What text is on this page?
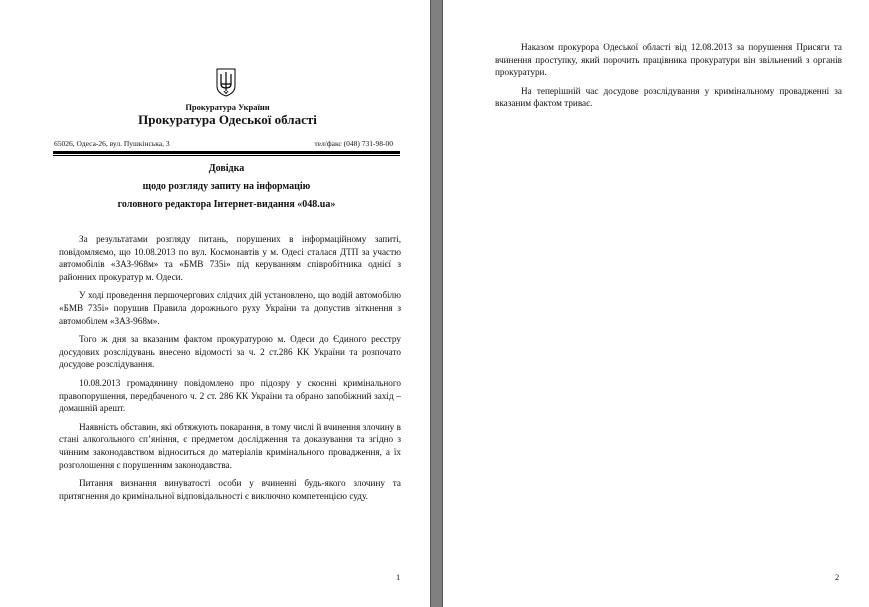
Прокуратура України
Прокуратура Одеської області
65026, Одеса-26, вул. Пушкінська, 3	тел/факс (048) 731-98-00
Довідка
щодо розгляду запиту на інформацію
головного редактора Інтернет-видання «048.ua»

За результатами розгляду питань, порушених в інформаційному запиті, повідомляємо, що 10.08.2013 по вул. Космонавтів у м. Одесі сталася ДТП за участю автомобілів «ЗАЗ-968м» та «БМВ 735і» під керуванням співробітника однієї з районних прокуратур м. Одеси.

У ході проведення першочергових слідчих дій установлено, що водій автомобілю «БМВ 735і» порушив Правила дорожнього руху України та допустив зіткнення з автомобілем «ЗАЗ-968м».

Того ж дня за вказаним фактом прокуратурою м. Одеси до Єдиного реєстру досудових розслідувань внесено відомості за ч. 2 ст.286 КК України та розпочато досудове розслідування.

10.08.2013 громадянину повідомлено про підозру у скоєнні кримінального правопорушення, передбаченого ч. 2 ст. 286 КК України та обрано запобіжний захід – домашній арешт.

Наявність обставин, які обтяжують покарання, в тому числі й вчинення злочину в стані алкогольного сп’яніння, є предметом дослідження та доказування та згідно з чинним законодавством відноситься до матеріалів кримінального провадження, а їх розголошення є порушенням законодавства.

Питання визнання винуватості особи у вчиненні будь-якого злочину та притягнення до кримінальної відповідальності є виключно компетенцією суду.

1

Наказом прокурора Одеської області від 12.08.2013 за порушення Присяги та вчинення проступку, який порочить працівника прокуратури він звільнений з органів прокуратури.

На теперішній час досудове розслідування у кримінальному провадженні за вказаним фактом триває.

2
